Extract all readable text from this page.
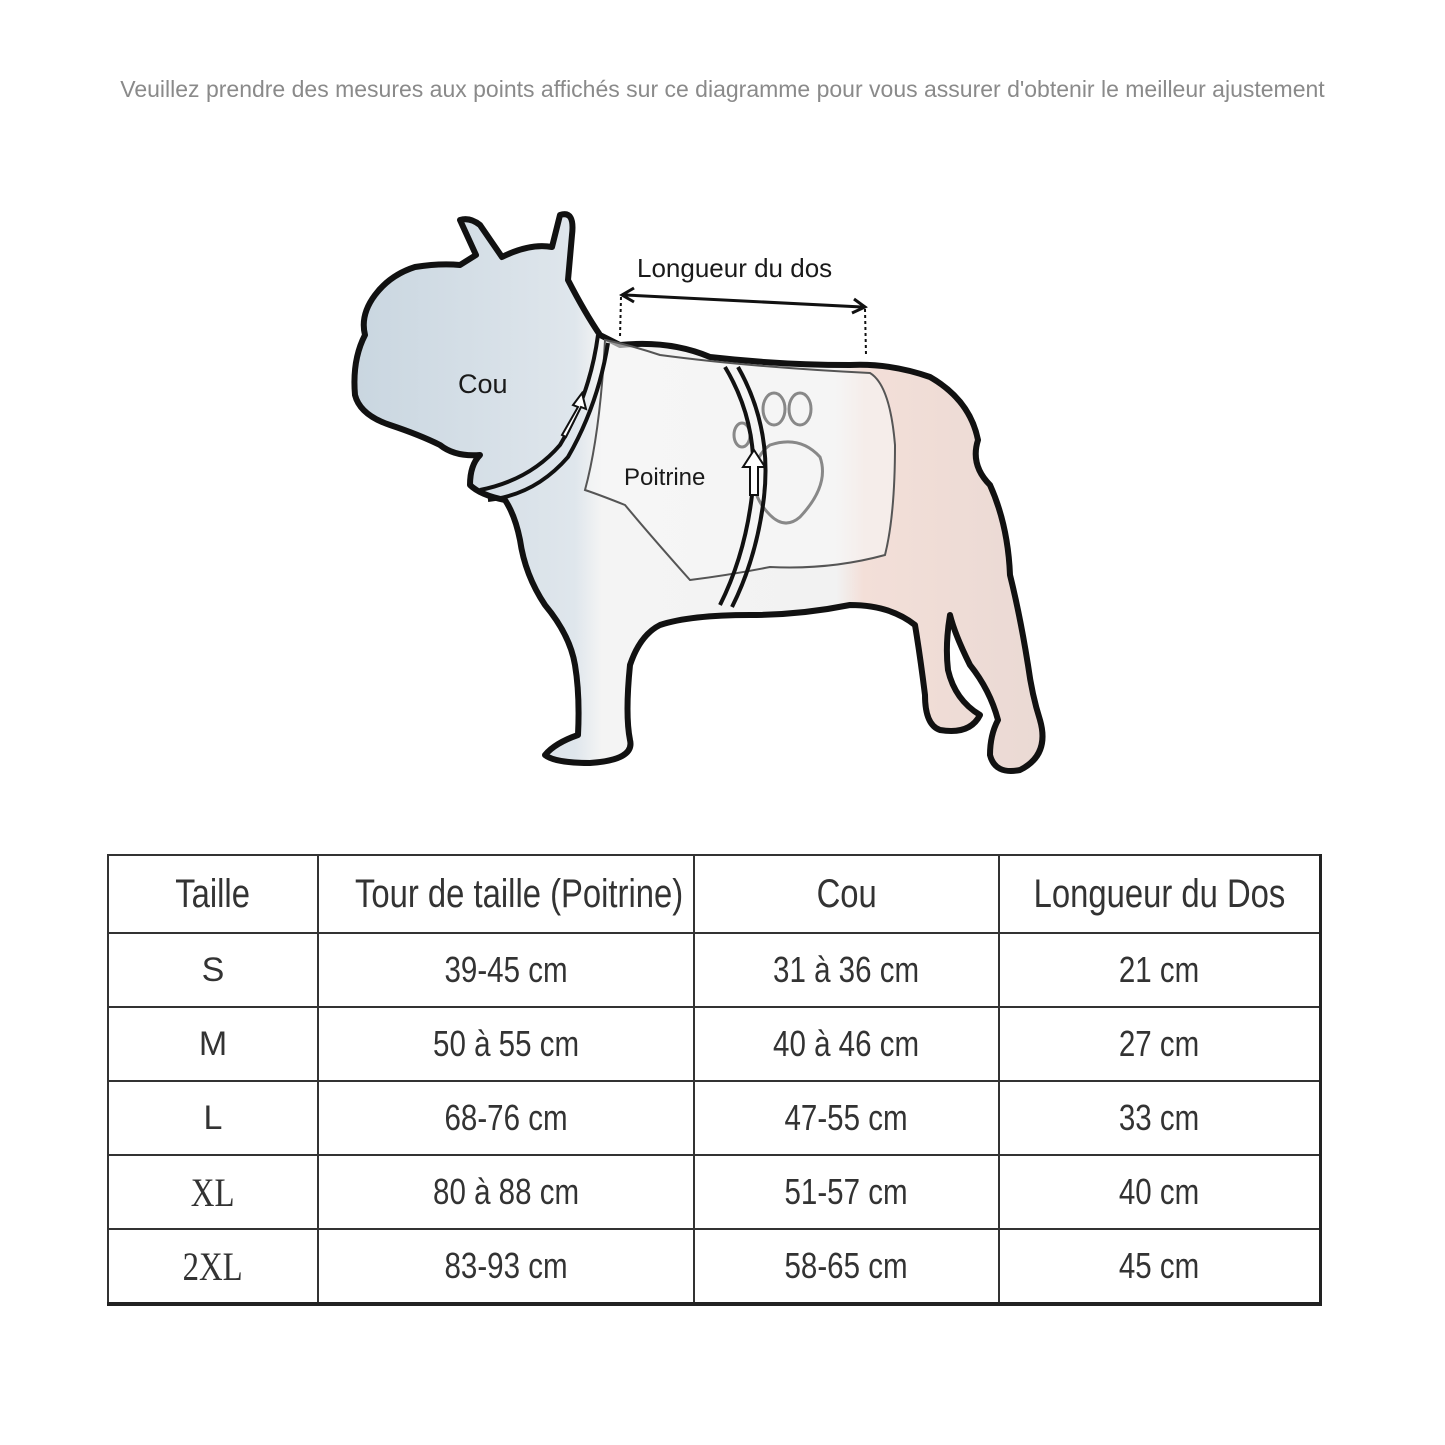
Veuillez prendre des mesures aux points affichés sur ce diagramme pour vous assurer d'obtenir le meilleur ajustement
Longueur du dos
Cou
Poitrine
Taille	Tour de taille (Poitrine)	Cou	Longueur du Dos
S	39-45 cm	31 à 36 cm	21 cm
M	50 à 55 cm	40 à 46 cm	27 cm
L	68-76 cm	47-55 cm	33 cm
XL	80 à 88 cm	51-57 cm	40 cm
2XL	83-93 cm	58-65 cm	45 cm
